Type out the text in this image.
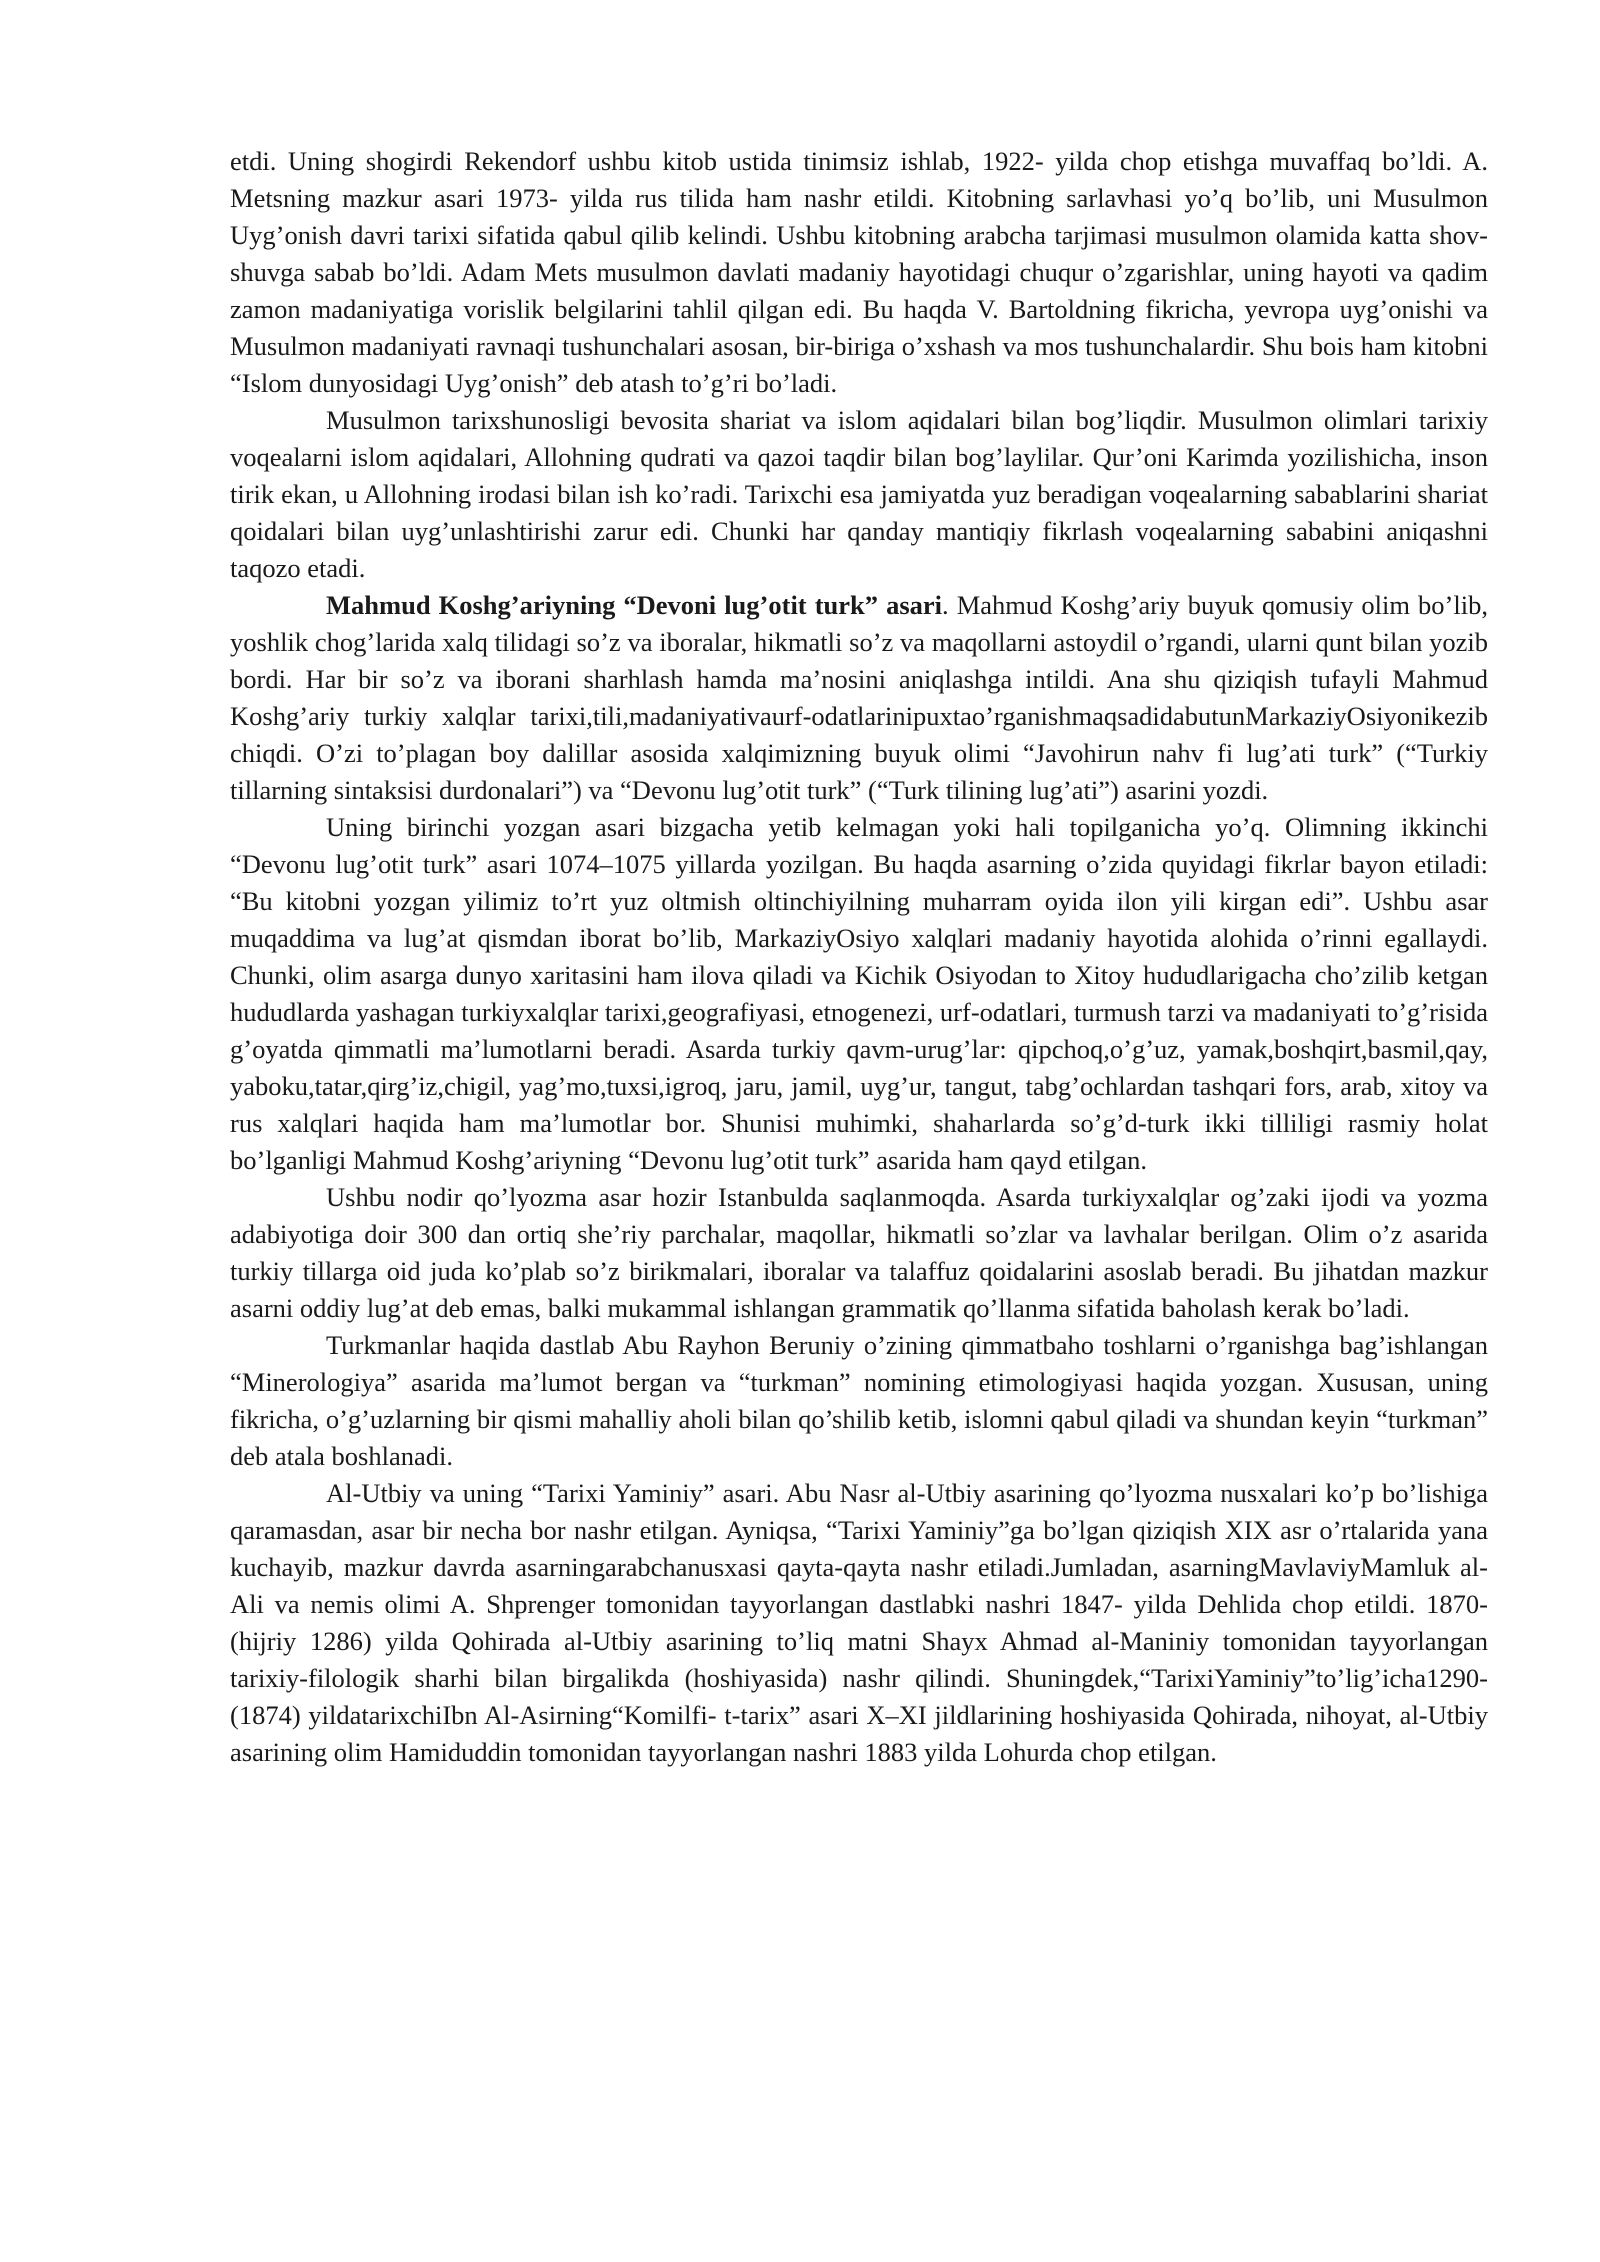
etdi. Uning shogirdi Rekendorf ushbu kitob ustida tinimsiz ishlab, 1922- yilda chop etishga muvaffaq bo’ldi. A. Metsning mazkur asari 1973- yilda rus tilida ham nashr etildi. Kitobning sarlavhasi yo’q bo’lib, uni Musulmon Uyg’onish davri tarixi sifatida qabul qilib kelindi. Ushbu kitobning arabcha tarjimasi musulmon olamida katta shov-shuvga sabab bo’ldi. Adam Mets musulmon davlati madaniy hayotidagi chuqur o’zgarishlar, uning hayoti va qadim zamon madaniyatiga vorislik belgilarini tahlil qilgan edi. Bu haqda V. Bartoldning fikricha, yevropa uyg’onishi va Musulmon madaniyati ravnaqi tushunchalari asosan, bir-biriga o’xshash va mos tushunchalardir. Shu bois ham kitobni “Islom dunyosidagi Uyg’onish” deb atash to’g’ri bo’ladi.

Musulmon tarixshunosligi bevosita shariat va islom aqidalari bilan bog’liqdir. Musulmon olimlari tarixiy voqealarni islom aqidalari, Allohning qudrati va qazoi taqdir bilan bog’laylilar. Qur’oni Karimda yozilishicha, inson tirik ekan, u Allohning irodasi bilan ish ko’radi. Tarixchi esa jamiyatda yuz beradigan voqealarning sabablarini shariat qoidalari bilan uyg’unlashtirishi zarur edi. Chunki har qanday mantiqiy fikrlash voqealarning sababini aniqashni taqozo etadi.

Mahmud Koshg’ariyning “Devoni lug’otit turk” asari. Mahmud Koshg’ariy buyuk qomusiy olim bo’lib, yoshlik chog’larida xalq tilidagi so’z va iboralar, hikmatli so’z va maqollarni astoydil o’rgandi, ularni qunt bilan yozib bordi. Har bir so’z va iborani sharhlash hamda ma’nosini aniqlashga intildi. Ana shu qiziqish tufayli Mahmud Koshg’ariy turkiy xalqlar tarixi,tili,madaniyativaurf-odatlarinipuxtao’rganishmaqsadidabutunMarkaziyOsiyonikezib chiqdi. O’zi to’plagan boy dalillar asosida xalqimizning buyuk olimi “Javohirun nahv fi lug’ati turk” (“Turkiy tillarning sintaksisi durdonalari”) va “Devonu lug’otit turk” (“Turk tilining lug’ati”) asarini yozdi.

Uning birinchi yozgan asari bizgacha yetib kelmagan yoki hali topilganicha yo’q. Olimning ikkinchi “Devonu lug’otit turk” asari 1074–1075 yillarda yozilgan. Bu haqda asarning o’zida quyidagi fikrlar bayon etiladi: “Bu kitobni yozgan yilimiz to’rt yuz oltmish oltinchiyilning muharram oyida ilon yili kirgan edi”. Ushbu asar muqaddima va lug’at qismdan iborat bo’lib, MarkaziyOsiyo xalqlari madaniy hayotida alohida o’rinni egallaydi. Chunki, olim asarga dunyo xaritasini ham ilova qiladi va Kichik Osiyodan to Xitoy hududlarigacha cho’zilib ketgan hududlarda yashagan turkiyxalqlar tarixi,geografiyasi, etnogenezi, urf-odatlari, turmush tarzi va madaniyati to’g’risida g’oyatda qimmatli ma’lumotlarni beradi. Asarda turkiy qavm-urug’lar: qipchoq,o’g’uz, yamak,boshqirt,basmil,qay, yaboku,tatar,qirg’iz,chigil, yag’mo,tuxsi,igroq, jaru, jamil, uyg’ur, tangut, tabg’ochlardan tashqari fors, arab, xitoy va rus xalqlari haqida ham ma’lumotlar bor. Shunisi muhimki, shaharlarda so’g’d-turk ikki tilliligi rasmiy holat bo’lganligi Mahmud Koshg’ariyning “Devonu lug’otit turk” asarida ham qayd etilgan.

Ushbu nodir qo’lyozma asar hozir Istanbulda saqlanmoqda. Asarda turkiyxalqlar og’zaki ijodi va yozma adabiyotiga doir 300 dan ortiq she’riy parchalar, maqollar, hikmatli so’zlar va lavhalar berilgan. Olim o’z asarida turkiy tillarga oid juda ko’plab so’z birikmalari, iboralar va talaffuz qoidalarini asoslab beradi. Bu jihatdan mazkur asarni oddiy lug’at deb emas, balki mukammal ishlangan grammatik qo’llanma sifatida baholash kerak bo’ladi.

Turkmanlar haqida dastlab Abu Rayhon Beruniy o’zining qimmatbaho toshlarni o’rganishga bag’ishlangan “Minerologiya” asarida ma’lumot bergan va “turkman” nomining etimologiyasi haqida yozgan. Xususan, uning fikricha, o’g’uzlarning bir qismi mahalliy aholi bilan qo’shilib ketib, islomni qabul qiladi va shundan keyin “turkman” deb atala boshlanadi.

Al-Utbiy va uning “Tarixi Yaminiy” asari. Abu Nasr al-Utbiy asarining qo’lyozma nusxalari ko’p bo’lishiga qaramasdan, asar bir necha bor nashr etilgan. Ayniqsa, “Tarixi Yaminiy”ga bo’lgan qiziqish XIX asr o’rtalarida yana kuchayib, mazkur davrda asarningarabchanusxasi qayta-qayta nashr etiladi.Jumladan, asarningMavlaviyMamluk al-Ali va nemis olimi A. Shprenger tomonidan tayyorlangan dastlabki nashri 1847- yilda Dehlida chop etildi. 1870- (hijriy 1286) yilda Qohirada al-Utbiy asarining to’liq matni Shayx Ahmad al-Maniniy tomonidan tayyorlangan tarixiy-filologik sharhi bilan birgalikda (hoshiyasida) nashr qilindi. Shuningdek,“TarixiYaminiy”to’lig’icha1290-(1874) yildatarixchiIbn Al-Asirning“Komilfi- t-tarix” asari X–XI jildlarining hoshiyasida Qohirada, nihoyat, al-Utbiy asarining olim Hamiduddin tomonidan tayyorlangan nashri 1883 yilda Lohurda chop etilgan.
